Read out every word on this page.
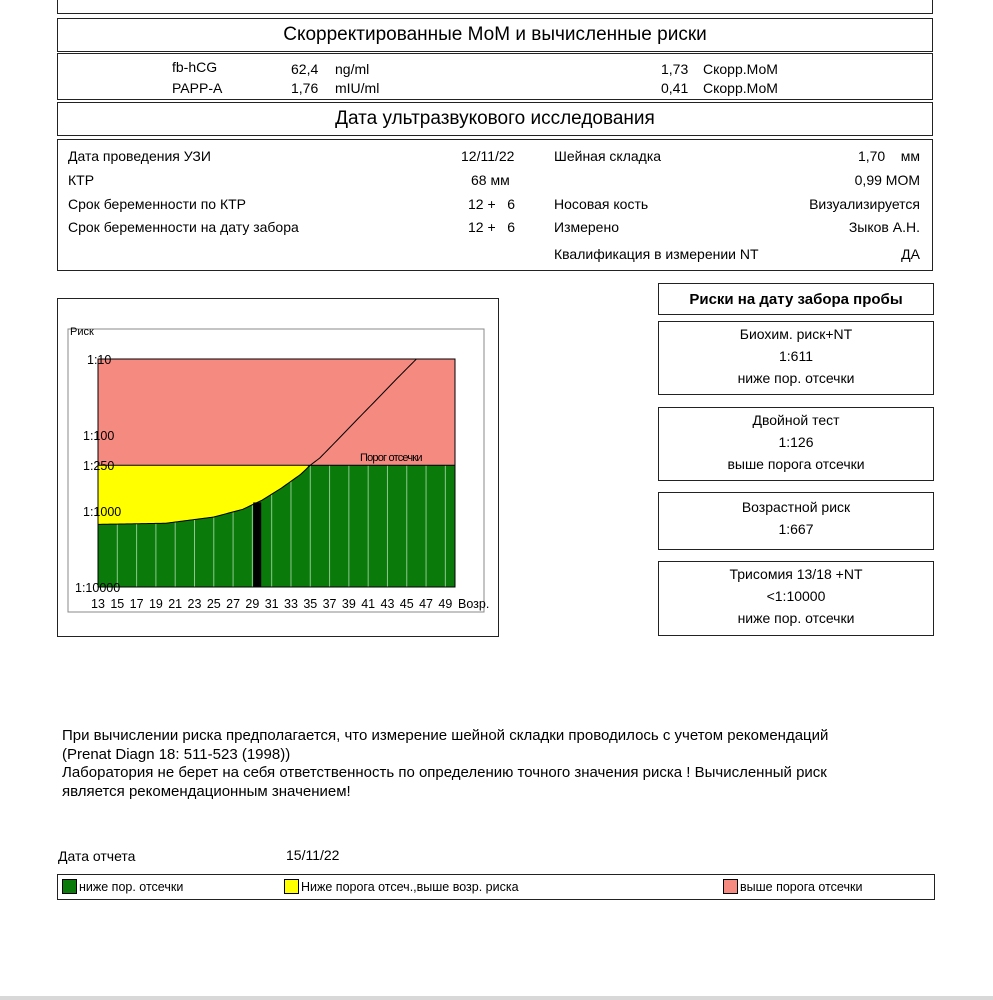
Скорректированные МоМ и вычисленные риски
fb-hCG	62,4 ng/ml	1,73 Скорр.МоМ
PAPP-A	1,76 mIU/ml	0,41 Скорр.МоМ
Дата ультразвукового исследования
Дата проведения УЗИ	12/11/22
КТР	68 мм
Срок беременности по КТР	12 +   6
Срок беременности на дату забора	12 +   6
Шейная складка	1,70    мм
0,99 МОМ
Носовая кость	Визуализируется
Измерено	Зыков А.Н.
Квалификация в измерении NT	ДА
Риск
1:10
1:100
1:250
1:1000
1:10000
13 15 17 19 21 23 25 27 29 31 33 35 37 39 41 43 45 47 49 Возр.
Порог отсечки
Риски на дату забора пробы
Биохим. риск+NT
1:611
ниже пор. отсечки
Двойной тест
1:126
выше порога отсечки
Возрастной риск
1:667
Трисомия 13/18 +NT
<1:10000
ниже пор. отсечки
При вычислении риска предполагается, что измерение шейной складки проводилось с учетом рекомендаций
(Prenat Diagn 18: 511-523 (1998))
Лаборатория не берет на себя ответственность по определению точного значения риска ! Вычисленный риск
является рекомендационным значением!
Дата отчета	15/11/22
ниже пор. отсечки	Ниже порога отсеч.,выше возр. риска	выше порога отсечки
